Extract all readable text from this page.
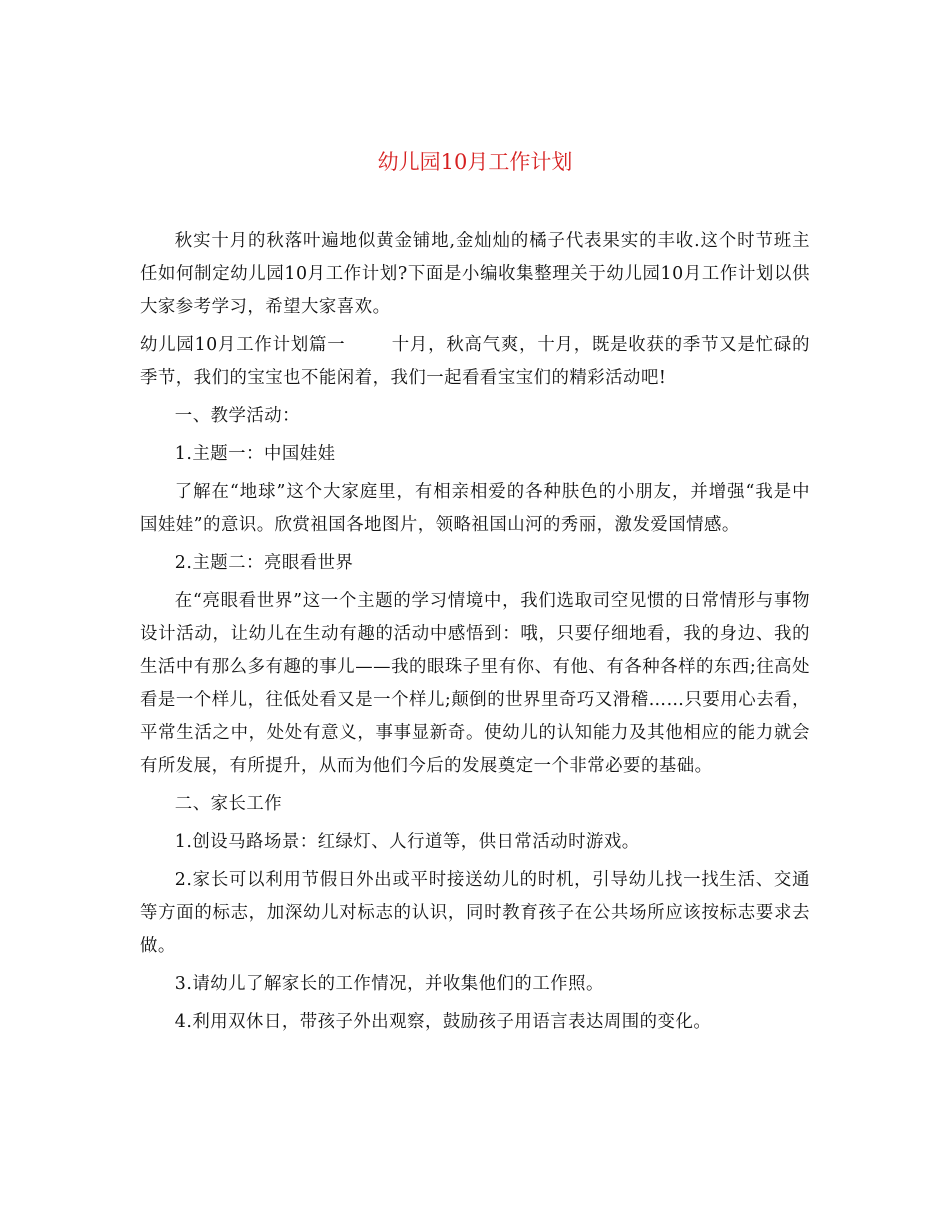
幼儿园10月工作计划

秋实十月的秋落叶遍地似黄金铺地,金灿灿的橘子代表果实的丰收.这个时节班主任如何制定幼儿园10月工作计划?下面是小编收集整理关于幼儿园10月工作计划以供大家参考学习，希望大家喜欢。

幼儿园10月工作计划篇一	十月，秋高气爽，十月，既是收获的季节又是忙碌的季节，我们的宝宝也不能闲着，我们一起看看宝宝们的精彩活动吧!

一、教学活动：

1.主题一：中国娃娃

了解在“地球”这个大家庭里，有相亲相爱的各种肤色的小朋友，并增强“我是中国娃娃”的意识。欣赏祖国各地图片，领略祖国山河的秀丽，激发爱国情感。

2.主题二：亮眼看世界

在“亮眼看世界”这一个主题的学习情境中，我们选取司空见惯的日常情形与事物设计活动，让幼儿在生动有趣的活动中感悟到：哦，只要仔细地看，我的身边、我的生活中有那么多有趣的事儿——我的眼珠子里有你、有他、有各种各样的东西;往高处看是一个样儿，往低处看又是一个样儿;颠倒的世界里奇巧又滑稽……只要用心去看，平常生活之中，处处有意义，事事显新奇。使幼儿的认知能力及其他相应的能力就会有所发展，有所提升，从而为他们今后的发展奠定一个非常必要的基础。

二、家长工作

1.创设马路场景：红绿灯、人行道等，供日常活动时游戏。

2.家长可以利用节假日外出或平时接送幼儿的时机，引导幼儿找一找生活、交通等方面的标志，加深幼儿对标志的认识，同时教育孩子在公共场所应该按标志要求去做。

3.请幼儿了解家长的工作情况，并收集他们的工作照。

4.利用双休日，带孩子外出观察，鼓励孩子用语言表达周围的变化。
